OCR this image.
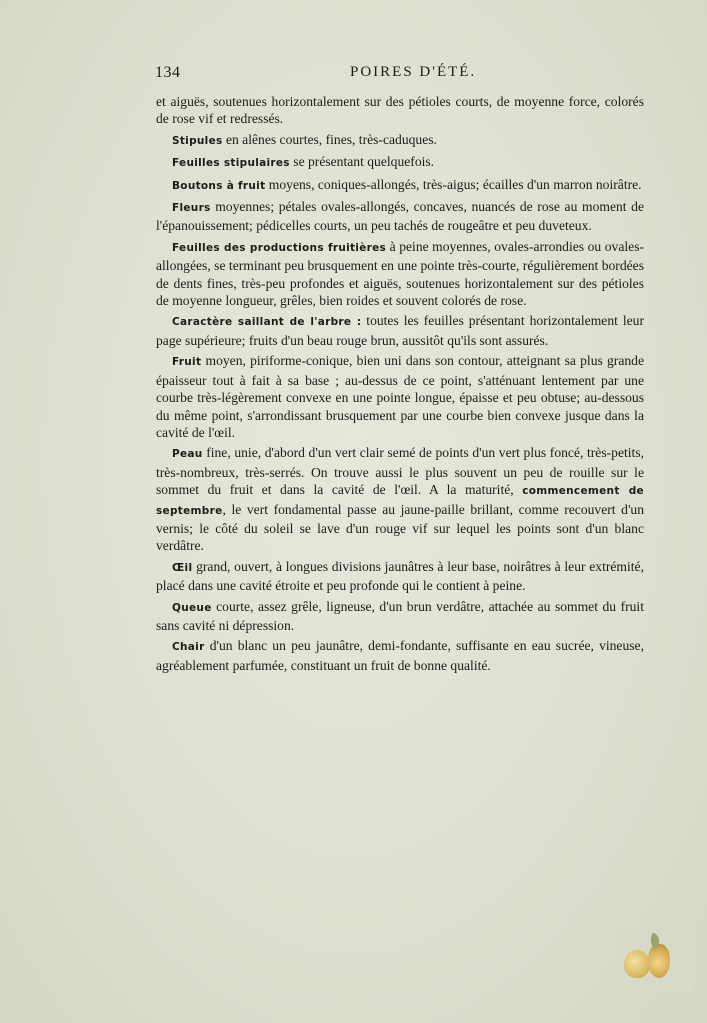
134	POIRES D'ÉTÉ.

et aiguës, soutenues horizontalement sur des pétioles courts, de moyenne force, colorés de rose vif et redressés.

Stipules en alênes courtes, fines, très-caduques.

Feuilles stipulaires se présentant quelquefois.

Boutons à fruit moyens, coniques-allongés, très-aigus; écailles d'un marron noirâtre.

Fleurs moyennes; pétales ovales-allongés, concaves, nuancés de rose au moment de l'épanouissement; pédicelles courts, un peu tachés de rougeâtre et peu duveteux.

Feuilles des productions fruitières à peine moyennes, ovales-arrondies ou ovales-allongées, se terminant peu brusquement en une pointe très-courte, régulièrement bordées de dents fines, très-peu profondes et aiguës, soutenues horizontalement sur des pétioles de moyenne longueur, grêles, bien roides et souvent colorés de rose.

Caractère saillant de l'arbre : toutes les feuilles présentant horizontalement leur page supérieure; fruits d'un beau rouge brun, aussitôt qu'ils sont assurés.

Fruit moyen, piriforme-conique, bien uni dans son contour, atteignant sa plus grande épaisseur tout à fait à sa base ; au-dessus de ce point, s'atténuant lentement par une courbe très-légèrement convexe en une pointe longue, épaisse et peu obtuse; au-dessous du même point, s'arrondissant brusquement par une courbe bien convexe jusque dans la cavité de l'œil.

Peau fine, unie, d'abord d'un vert clair semé de points d'un vert plus foncé, très-petits, très-nombreux, très-serrés. On trouve aussi le plus souvent un peu de rouille sur le sommet du fruit et dans la cavité de l'œil. A la maturité, commencement de septembre, le vert fondamental passe au jaune-paille brillant, comme recouvert d'un vernis; le côté du soleil se lave d'un rouge vif sur lequel les points sont d'un blanc verdâtre.

Œil grand, ouvert, à longues divisions jaunâtres à leur base, noirâtres à leur extrémité, placé dans une cavité étroite et peu profonde qui le contient à peine.

Queue courte, assez grêle, ligneuse, d'un brun verdâtre, attachée au sommet du fruit sans cavité ni dépression.

Chair d'un blanc un peu jaunâtre, demi-fondante, suffisante en eau sucrée, vineuse, agréablement parfumée, constituant un fruit de bonne qualité.
